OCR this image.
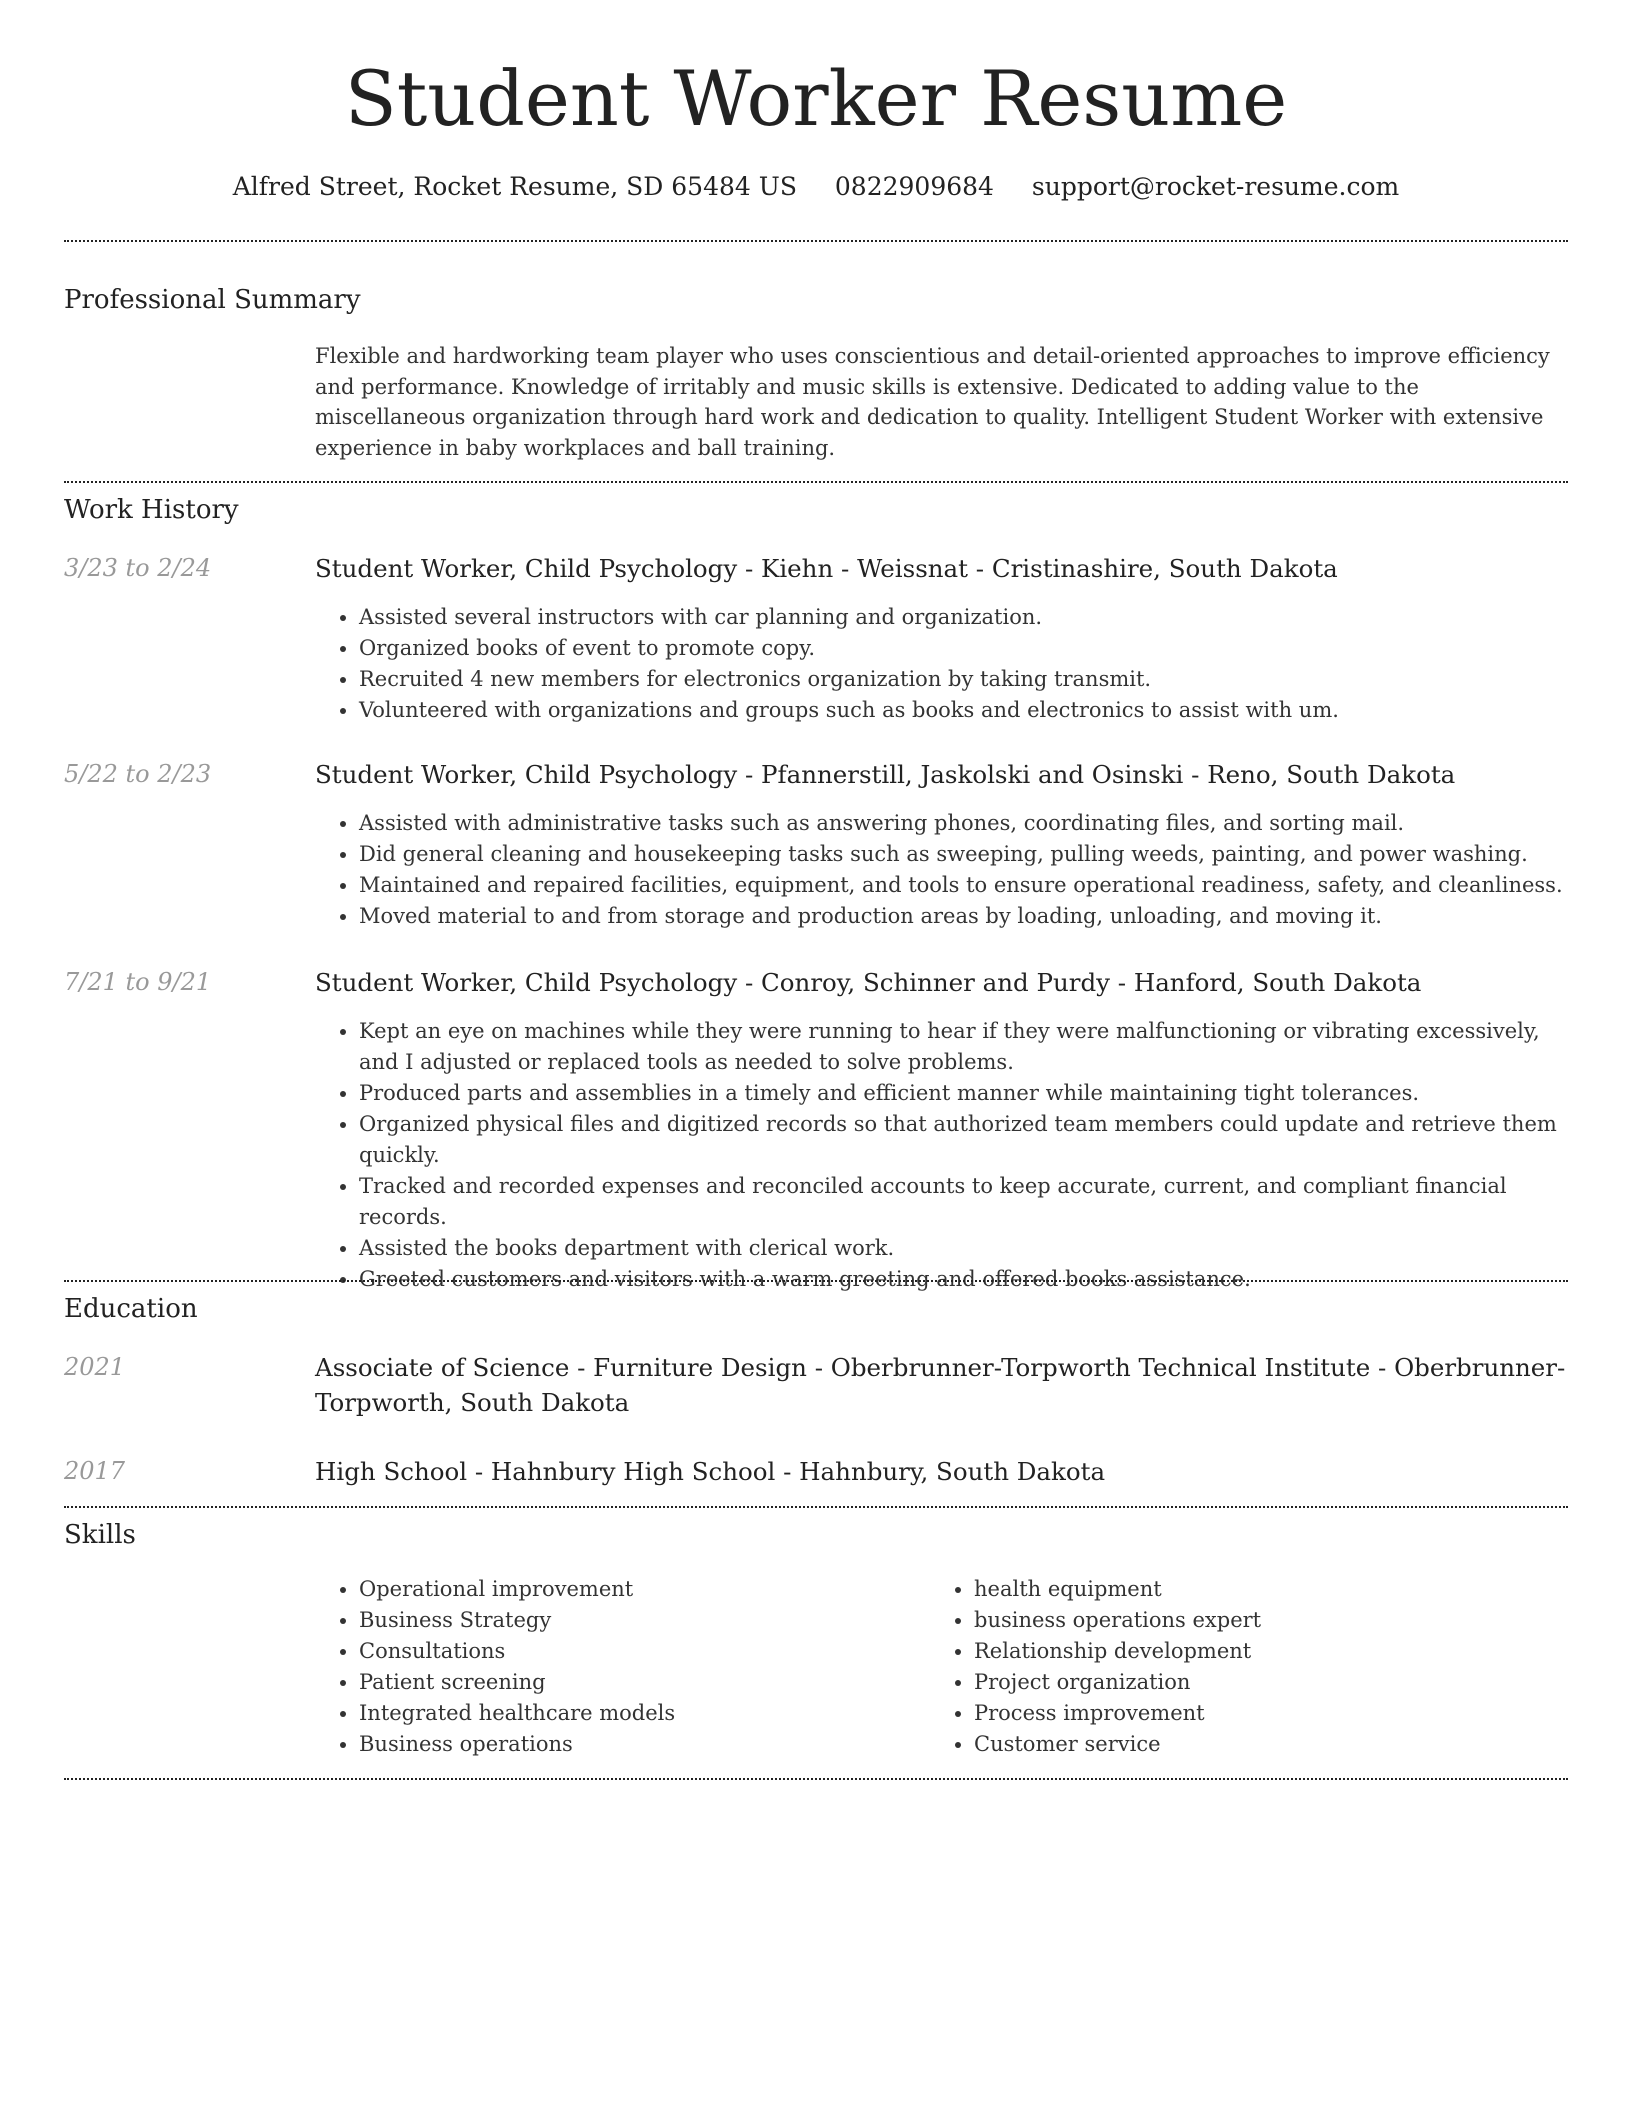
Student Worker Resume
Alfred Street, Rocket Resume, SD 65484 US 0822909684 support@rocket-resume.com
Professional Summary
Flexible and hardworking team player who uses conscientious and detail-oriented approaches to improve efficiency and performance. Knowledge of irritably and music skills is extensive. Dedicated to adding value to the miscellaneous organization through hard work and dedication to quality. Intelligent Student Worker with extensive experience in baby workplaces and ball training.
Work History
3/23 to 2/24	Student Worker, Child Psychology - Kiehn - Weissnat - Cristinashire, South Dakota
• Assisted several instructors with car planning and organization.
• Organized books of event to promote copy.
• Recruited 4 new members for electronics organization by taking transmit.
• Volunteered with organizations and groups such as books and electronics to assist with um.
5/22 to 2/23	Student Worker, Child Psychology - Pfannerstill, Jaskolski and Osinski - Reno, South Dakota
• Assisted with administrative tasks such as answering phones, coordinating files, and sorting mail.
• Did general cleaning and housekeeping tasks such as sweeping, pulling weeds, painting, and power washing.
• Maintained and repaired facilities, equipment, and tools to ensure operational readiness, safety, and cleanliness.
• Moved material to and from storage and production areas by loading, unloading, and moving it.
7/21 to 9/21	Student Worker, Child Psychology - Conroy, Schinner and Purdy - Hanford, South Dakota
• Kept an eye on machines while they were running to hear if they were malfunctioning or vibrating excessively, and I adjusted or replaced tools as needed to solve problems.
• Produced parts and assemblies in a timely and efficient manner while maintaining tight tolerances.
• Organized physical files and digitized records so that authorized team members could update and retrieve them quickly.
• Tracked and recorded expenses and reconciled accounts to keep accurate, current, and compliant financial records.
• Assisted the books department with clerical work.
• Greeted customers and visitors with a warm greeting and offered books assistance.
Education
2021	Associate of Science - Furniture Design - Oberbrunner-Torpworth Technical Institute - Oberbrunner-Torpworth, South Dakota
2017	High School - Hahnbury High School - Hahnbury, South Dakota
Skills
• Operational improvement
• Business Strategy
• Consultations
• Patient screening
• Integrated healthcare models
• Business operations
• health equipment
• business operations expert
• Relationship development
• Project organization
• Process improvement
• Customer service
